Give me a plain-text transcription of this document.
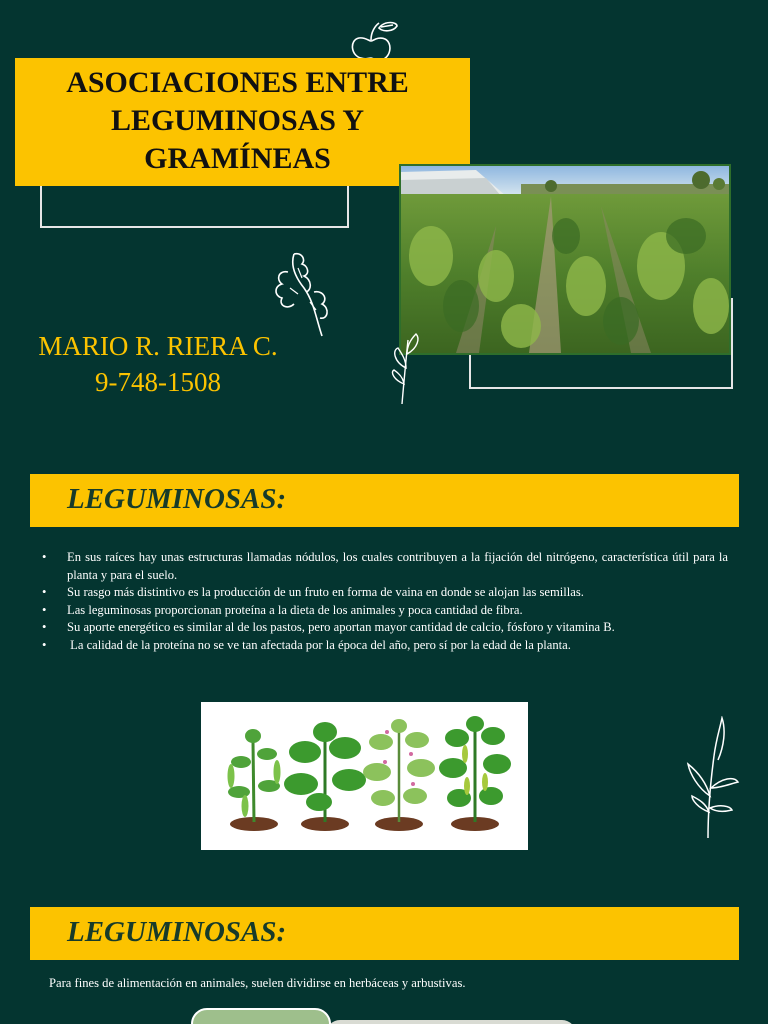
ASOCIACIONES ENTRE
LEGUMINOSAS Y
GRAMÍNEAS
MARIO R. RIERA C.
9-748-1508
LEGUMINOSAS:
• En sus raíces hay unas estructuras llamadas nódulos, los cuales contribuyen a la fijación del nitrógeno, característica útil para la planta y para el suelo.
• Su rasgo más distintivo es la producción de un fruto en forma de vaina en donde se alojan las semillas.
• Las leguminosas proporcionan proteína a la dieta de los animales y poca cantidad de fibra.
• Su aporte energético es similar al de los pastos, pero aportan mayor cantidad de calcio, fósforo y vitamina B.
• La calidad de la proteína no se ve tan afectada por la época del año, pero sí por la edad de la planta.
LEGUMINOSAS:
Para fines de alimentación en animales, suelen dividirse en herbáceas y arbustivas.
